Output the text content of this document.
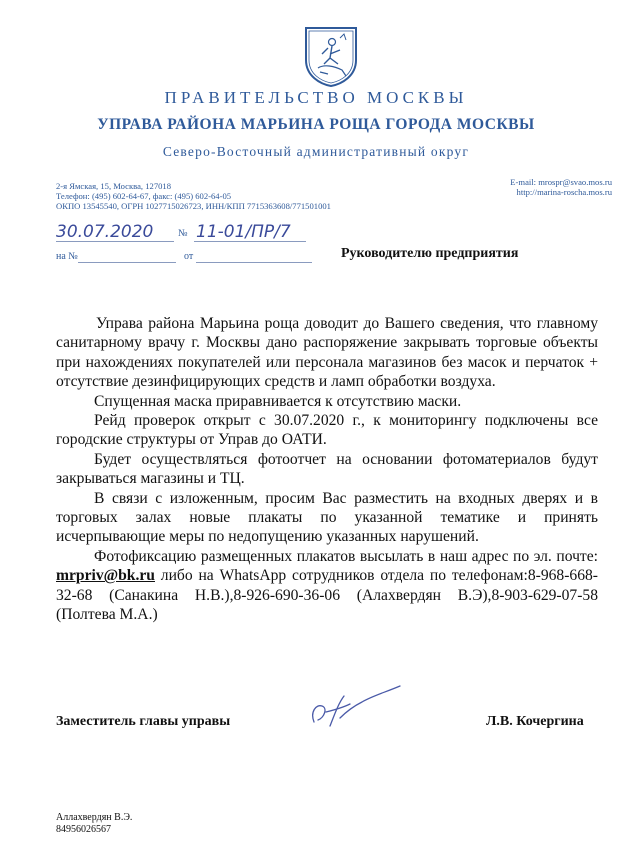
ПРАВИТЕЛЬСТВО МОСКВЫ
УПРАВА РАЙОНА МАРЬИНА РОЩА ГОРОДА МОСКВЫ
Северо-Восточный административный округ
2-я Ямская, 15, Москва, 127018
Телефон: (495) 602-64-67, факс: (495) 602-64-05
ОКПО 13545540, ОГРН 1027715026723, ИНН/КПП 7715363608/771501001
E-mail: mrospr@svao.mos.ru
http://marina-roscha.mos.ru
30.07.2020 № 11-01/ПР/7
на №	от	Руководителю предприятия

Управа района Марьина роща доводит до Вашего сведения, что главному санитарному врачу г. Москвы дано распоряжение закрывать торговые объекты при нахождениях покупателей или персонала магазинов без масок и перчаток + отсутствие дезинфицирующих средств и ламп обработки воздуха.

Спущенная маска приравнивается к отсутствию маски.

Рейд проверок открыт с 30.07.2020 г., к мониторингу подключены все городские структуры от Управ до ОАТИ.

Будет осуществляться фотоотчет на основании фотоматериалов будут закрываться магазины и ТЦ.

В связи с изложенным, просим Вас разместить на входных дверях и в торговых залах новые плакаты по указанной тематике и принять исчерпывающие меры по недопущению указанных нарушений.

Фотофиксацию размещенных плакатов высылать в наш адрес по эл. почте: mrpriv@bk.ru либо на WhatsApp сотрудников отдела по телефонам:8-968-668-32-68 (Санакина Н.В.),8-926-690-36-06 (Алахвердян В.Э),8-903-629-07-58 (Полтева М.А.)

Заместитель главы управы	Л.В. Кочергина
Аллахвердян В.Э.
84956026567
